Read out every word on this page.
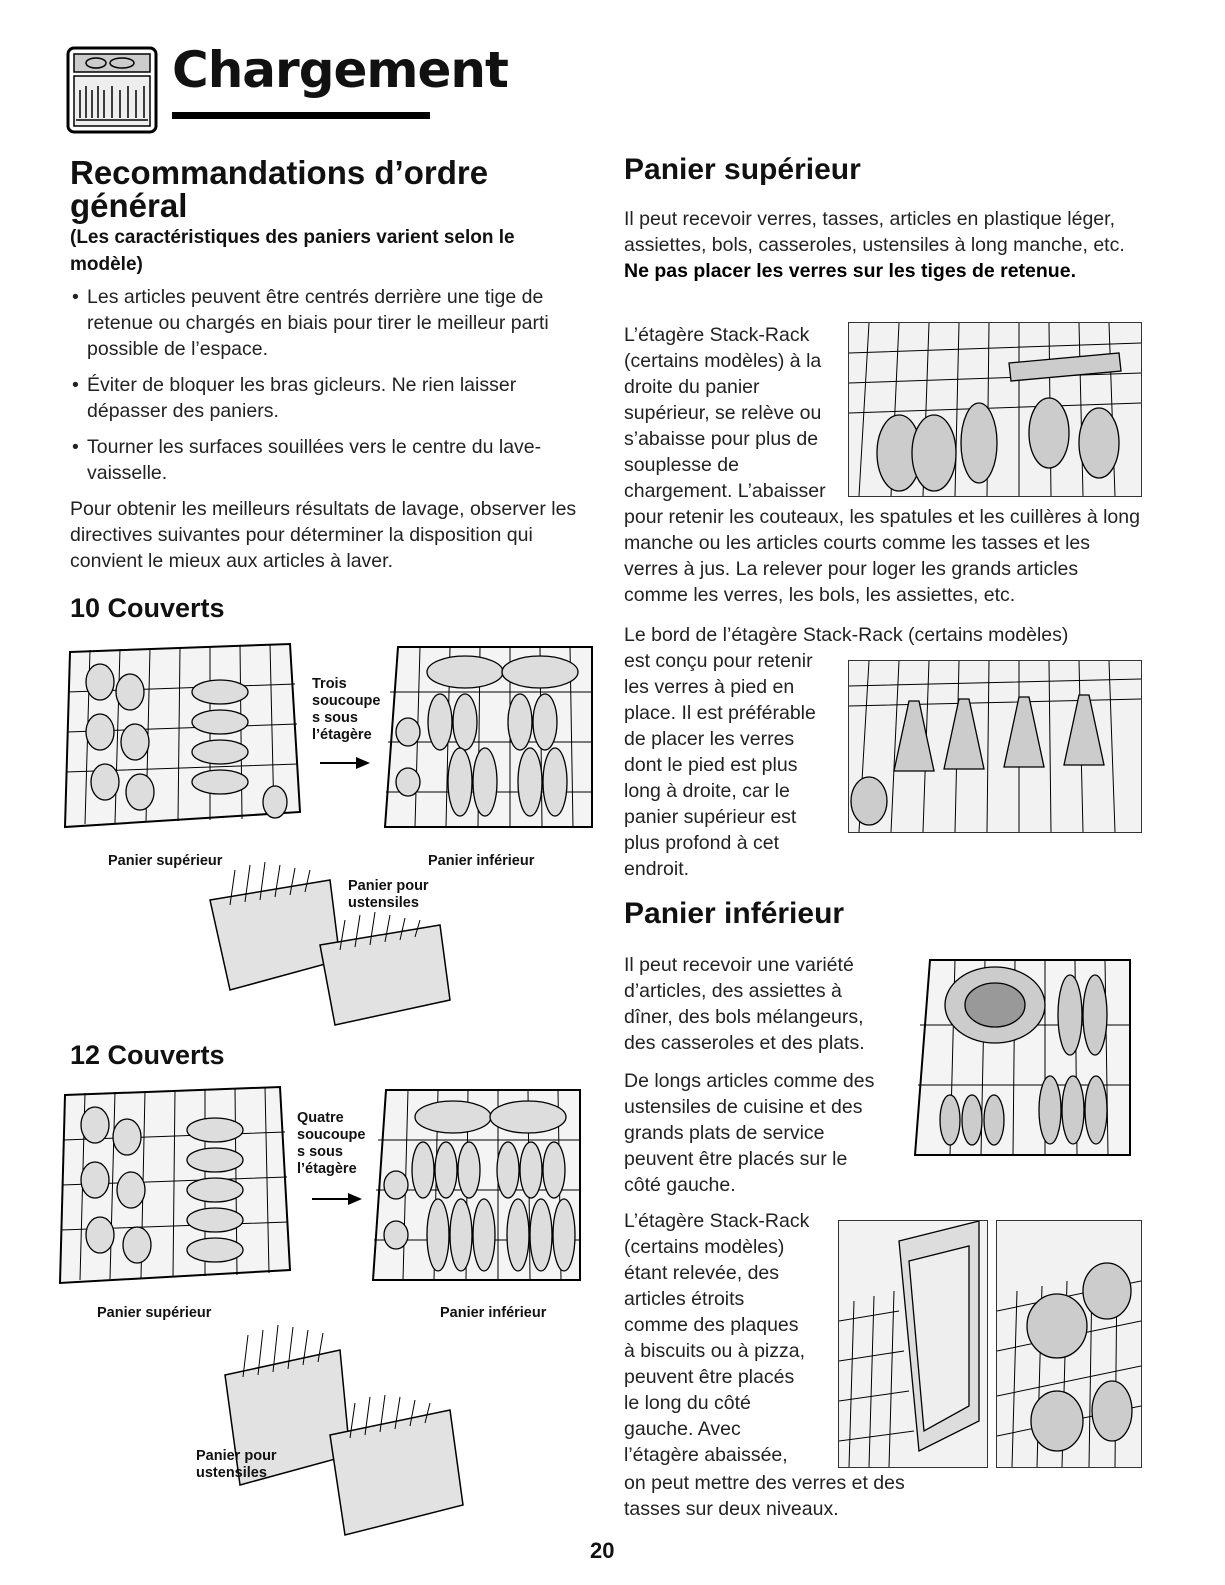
Chargement
Recommandations d’ordre
général
(Les caractéristiques des paniers varient selon le modèle)

• Les articles peuvent être centrés derrière une tige de retenue ou chargés en biais pour tirer le meilleur parti possible de l’espace.

• Éviter de bloquer les bras gicleurs. Ne rien laisser dépasser des paniers.

• Tourner les surfaces souillées vers le centre du lave-vaisselle.

Pour obtenir les meilleurs résultats de lavage, observer les directives suivantes pour déterminer la disposition qui convient le mieux aux articles à laver.

10 Couverts
Trois
soucoupe
s sous
l’étagère
Panier supérieur	Panier inférieur
Panier pour
ustensiles
12 Couverts
Quatre
soucoupe
s sous
l’étagère
Panier supérieur	Panier inférieur
Panier pour
ustensiles
Panier supérieur
Il peut recevoir verres, tasses, articles en plastique léger, assiettes, bols, casseroles, ustensiles à long manche, etc. Ne pas placer les verres sur les tiges de retenue.
L’étagère Stack-Rack
(certains modèles) à la
droite du panier
supérieur, se relève ou
s’abaisse pour plus de
souplesse de
chargement. L’abaisser
pour retenir les couteaux, les spatules et les cuillères à long manche ou les articles courts comme les tasses et les verres à jus. La relever pour loger les grands articles comme les verres, les bols, les assiettes, etc.
Le bord de l’étagère Stack-Rack (certains modèles)
est conçu pour retenir
les verres à pied en
place. Il est préférable
de placer les verres
dont le pied est plus
long à droite, car le
panier supérieur est
plus profond à cet
endroit.
Panier inférieur
Il peut recevoir une variété
d’articles, des assiettes à
dîner, des bols mélangeurs,
des casseroles et des plats.
De longs articles comme des
ustensiles de cuisine et des
grands plats de service
peuvent être placés sur le
côté gauche.
L’étagère Stack-Rack
(certains modèles)
étant relevée, des
articles étroits
comme des plaques
à biscuits ou à pizza,
peuvent être placés
le long du côté
gauche. Avec
l’étagère abaissée,
on peut mettre des verres et des
tasses sur deux niveaux.
20
